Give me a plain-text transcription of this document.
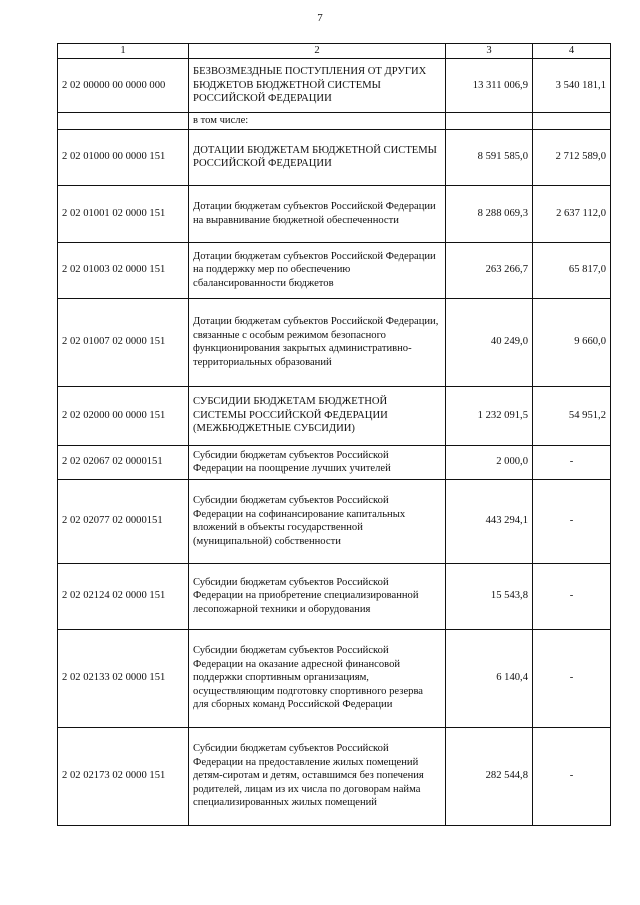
7
1	2	3	4
2 02 00000 00 0000 000	БЕЗВОЗМЕЗДНЫЕ ПОСТУПЛЕНИЯ ОТ ДРУГИХ БЮДЖЕТОВ БЮДЖЕТНОЙ СИСТЕМЫ РОССИЙСКОЙ ФЕДЕРАЦИИ	13 311 006,9	3 540 181,1
	в том числе:		
2 02 01000 00 0000 151	ДОТАЦИИ БЮДЖЕТАМ БЮДЖЕТНОЙ СИСТЕМЫ РОССИЙСКОЙ ФЕДЕРАЦИИ	8 591 585,0	2 712 589,0
2 02 01001 02 0000 151	Дотации бюджетам субъектов Российской Федерации на выравнивание бюджетной обеспеченности	8 288 069,3	2 637 112,0
2 02 01003 02 0000 151	Дотации бюджетам субъектов Российской Федерации на поддержку мер по обеспечению сбалансированности бюджетов	263 266,7	65 817,0
2 02 01007 02 0000 151	Дотации бюджетам субъектов Российской Федерации, связанные с особым режимом безопасного функционирования закрытых административно-территориальных образований	40 249,0	9 660,0
2 02 02000 00 0000 151	СУБСИДИИ БЮДЖЕТАМ БЮДЖЕТНОЙ СИСТЕМЫ РОССИЙСКОЙ ФЕДЕРАЦИИ (МЕЖБЮДЖЕТНЫЕ СУБСИДИИ)	1 232 091,5	54 951,2
2 02 02067 02 0000151	Субсидии бюджетам субъектов Российской Федерации на поощрение лучших учителей	2 000,0	-
2 02 02077 02 0000151	Субсидии бюджетам субъектов Российской Федерации на софинансирование капитальных вложений в объекты государственной (муниципальной) собственности	443 294,1	-
2 02 02124 02 0000 151	Субсидии бюджетам субъектов Российской Федерации на приобретение специализированной лесопожарной техники и оборудования	15 543,8	-
2 02 02133 02 0000 151	Субсидии бюджетам субъектов Российской Федерации на оказание адресной финансовой поддержки спортивным организациям, осуществляющим подготовку спортивного резерва для сборных команд Российской Федерации	6 140,4	-
2 02 02173 02 0000 151	Субсидии бюджетам субъектов Российской Федерации на предоставление жилых помещений детям-сиротам и детям, оставшимся без попечения родителей, лицам из их числа по договорам найма специализированных жилых помещений	282 544,8	-
